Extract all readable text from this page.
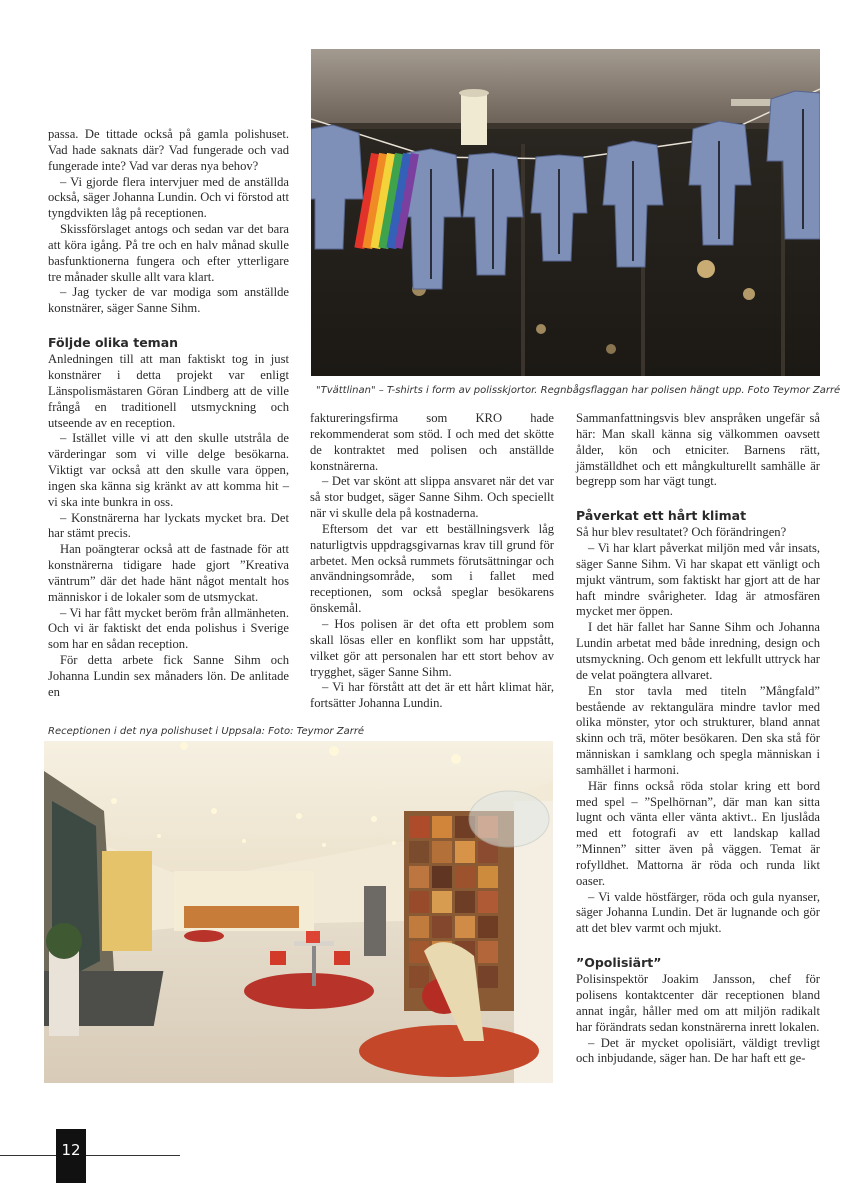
"Tvättlinan" – T-shirts i form av polisskjortor. Regnbågsflaggan har polisen hängt upp. Foto Teymor Zarré
Receptionen i det nya polishuset i Uppsala: Foto: Teymor Zarré

passa. De tittade också på gamla polishuset. Vad hade saknats där? Vad fungerade och vad fungerade inte? Vad var deras nya behov?

– Vi gjorde flera intervjuer med de anställda också, säger Johanna Lundin. Och vi förstod att tyngdvikten låg på receptionen.

Skissförslaget antogs och sedan var det bara att köra igång. På tre och en halv månad skulle basfunktionerna fungera och efter ytterligare tre månader skulle allt vara klart.

– Jag tycker de var modiga som anställde konstnärer, säger Sanne Sihm.

Följde olika teman

Anledningen till att man faktiskt tog in just konstnärer i detta projekt var enligt Länspolismästaren Göran Lindberg att de ville frångå en traditionell utsmyckning och utseende av en reception.

– Istället ville vi att den skulle utstråla de värderingar som vi ville delge besökarna. Viktigt var också att den skulle vara öppen, ingen ska känna sig kränkt av att komma hit – vi ska inte bunkra in oss.

– Konstnärerna har lyckats mycket bra. Det har stämt precis.

Han poängterar också att de fastnade för att konstnärerna tidigare hade gjort ”Kreativa väntrum” där det hade hänt något mentalt hos människor i de lokaler som de utsmyckat.

– Vi har fått mycket beröm från allmänheten. Och vi är faktiskt det enda polishus i Sverige som har en sådan reception.

För detta arbete fick Sanne Sihm och Johanna Lundin sex månaders lön. De anlitade en

faktureringsfirma som KRO hade rekommenderat som stöd. I och med det skötte de kontraktet med polisen och anställde konstnärerna.

– Det var skönt att slippa ansvaret när det var så stor budget, säger Sanne Sihm. Och speciellt när vi skulle dela på kostnaderna.

Eftersom det var ett beställningsverk låg naturligtvis uppdragsgivarnas krav till grund för arbetet. Men också rummets förutsättningar och användningsområde, som i fallet med receptionen, som också speglar besökarens önskemål.

– Hos polisen är det ofta ett problem som skall lösas eller en konflikt som har uppstått, vilket gör att personalen har ett stort behov av trygghet, säger Sanne Sihm.

– Vi har förstått att det är ett hårt klimat här, fortsätter Johanna Lundin.

Sammanfattningsvis blev anspråken ungefär så här: Man skall känna sig välkommen oavsett ålder, kön och etniciter. Barnens rätt, jämställdhet och ett mångkulturellt samhälle är begrepp som har vägt tungt.

Påverkat ett hårt klimat

Så hur blev resultatet? Och förändringen?

– Vi har klart påverkat miljön med vår insats, säger Sanne Sihm. Vi har skapat ett vänligt och mjukt väntrum, som faktiskt har gjort att de har haft mindre svårigheter. Idag är atmosfären mycket mer öppen.

I det här fallet har Sanne Sihm och Johanna Lundin arbetat med både inredning, design och utsmyckning. Och genom ett lekfullt uttryck har de velat poängtera allvaret.

En stor tavla med titeln ”Mångfald” bestående av rektangulära mindre tavlor med olika mönster, ytor och strukturer, bland annat skinn och trä, möter besökaren. Den ska stå för människan i samklang och spegla människan i samhället i harmoni.

Här finns också röda stolar kring ett bord med spel – ”Spelhörnan”, där man kan sitta lugnt och vänta eller vänta aktivt.. En ljuslåda med ett fotografi av ett landskap kallad ”Minnen” sitter även på väggen. Temat är rofylldhet. Mattorna är röda och runda likt oaser.

– Vi valde höstfärger, röda och gula nyanser, säger Johanna Lundin. Det är lugnande och gör att det blev varmt och mjukt.

”Opolisiärt”

Polisinspektör Joakim Jansson, chef för polisens kontaktcenter där receptionen bland annat ingår, håller med om att miljön radikalt har förändrats sedan konstnärerna inrett lokalen.

– Det är mycket opolisiärt, väldigt trevligt och inbjudande, säger han. De har haft ett ge-

12
